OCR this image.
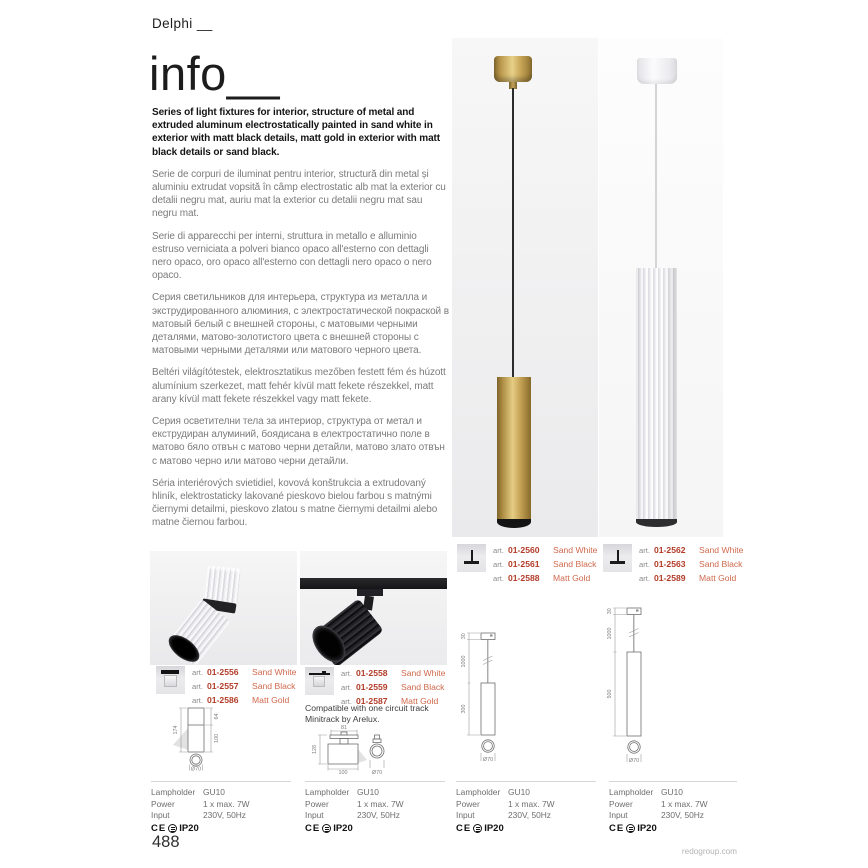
Delphi __
info__

Series of light fixtures for interior, structure of metal and extruded aluminum electrostatically painted in sand white in exterior with matt black details, matt gold in exterior with matt black details or sand black.

Serie de corpuri de iluminat pentru interior, structură din metal și aluminiu extrudat vopsită în câmp electrostatic alb mat la exterior cu detalii negru mat, auriu mat la exterior cu detalii negru mat sau negru mat.

Serie di apparecchi per interni, struttura in metallo e alluminio estruso verniciata a polveri bianco opaco all'esterno con dettagli nero opaco, oro opaco all'esterno con dettagli nero opaco o nero opaco.

Серия светильников для интерьера, структура из металла и экструдированного алюминия, с электростатической покраской в матовый белый с внешней стороны, с матовыми черными деталями, матово-золотистого цвета с внешней стороны с матовыми черными деталями или матового черного цвета.

Beltéri világítótestek, elektrosztatikus mezőben festett fém és húzott alumínium szerkezet, matt fehér kívül matt fekete részekkel, matt arany kívül matt fekete részekkel vagy matt fekete.

Серия осветителни тела за интериор, структура от метал и екструдиран алуминий, боядисана в електростатично поле в матово бяло отвън с матово черни детайли, матово злато отвън с матово черно или матово черни детайли.

Séria interiérových svietidiel, kovová konštrukcia a extrudovaný hliník, elektrostaticky lakované pieskovo bielou farbou s matnými čiernymi detailmi, pieskovo zlatou s matne čiernymi detailmi alebo matne čiernou farbou.

art. 01-2556	Sand White
art. 01-2557	Sand Black
art. 01-2586	Matt Gold
art. 01-2558	Sand White
art. 01-2559	Sand Black
art. 01-2587	Matt Gold
Compatible with one circuit track Minitrack by Arelux.
art. 01-2560	Sand White
art. 01-2561	Sand Black
art. 01-2588	Matt Gold
art. 01-2562	Sand White
art. 01-2563	Sand Black
art. 01-2589	Matt Gold
174
64
100
Ø70
81
128
100	Ø70
30
1000
300
Ø70
30
1000
500
Ø70
Lampholder GU10
Power	1 x max. 7W
Input	230V, 50Hz
CE IP20
Lampholder GU10
Power	1 x max. 7W
Input	230V, 50Hz
CE IP20
Lampholder GU10
Power	1 x max. 7W
Input	230V, 50Hz
CE IP20
Lampholder GU10
Power	1 x max. 7W
Input	230V, 50Hz
CE IP20
488
redogroup.com
